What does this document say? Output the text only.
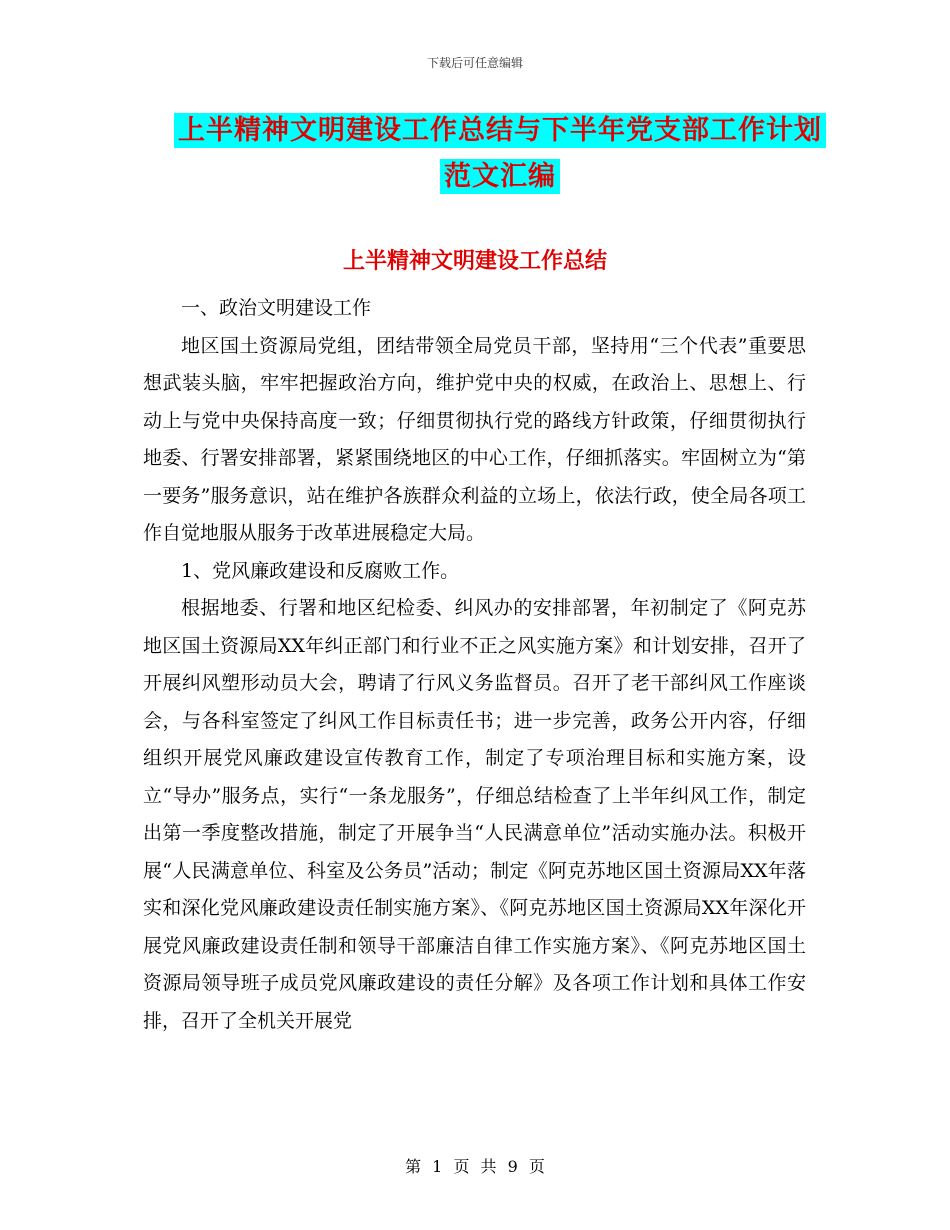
下载后可任意编辑
上半精神文明建设工作总结与下半年党支部工作计划
范文汇编
上半精神文明建设工作总结

一、政治文明建设工作

地区国土资源局党组，团结带领全局党员干部，坚持用“三个代表”重要思想武装头脑，牢牢把握政治方向，维护党中央的权威，在政治上、思想上、行动上与党中央保持高度一致；仔细贯彻执行党的路线方针政策，仔细贯彻执行地委、行署安排部署，紧紧围绕地区的中心工作，仔细抓落实。牢固树立为“第一要务”服务意识，站在维护各族群众利益的立场上，依法行政，使全局各项工作自觉地服从服务于改革进展稳定大局。

1、党风廉政建设和反腐败工作。

根据地委、行署和地区纪检委、纠风办的安排部署，年初制定了《阿克苏地区国土资源局XX年纠正部门和行业不正之风实施方案》和计划安排，召开了开展纠风塑形动员大会，聘请了行风义务监督员。召开了老干部纠风工作座谈会，与各科室签定了纠风工作目标责任书；进一步完善，政务公开内容，仔细组织开展党风廉政建设宣传教育工作，制定了专项治理目标和实施方案，设立“导办”服务点，实行“一条龙服务”，仔细总结检查了上半年纠风工作，制定出第一季度整改措施，制定了开展争当“人民满意单位”活动实施办法。积极开展“人民满意单位、科室及公务员”活动；制定《阿克苏地区国土资源局XX年落实和深化党风廉政建设责任制实施方案》、《阿克苏地区国土资源局XX年深化开展党风廉政建设责任制和领导干部廉洁自律工作实施方案》、《阿克苏地区国土资源局领导班子成员党风廉政建设的责任分解》及各项工作计划和具体工作安排，召开了全机关开展党

第 1 页 共 9 页
